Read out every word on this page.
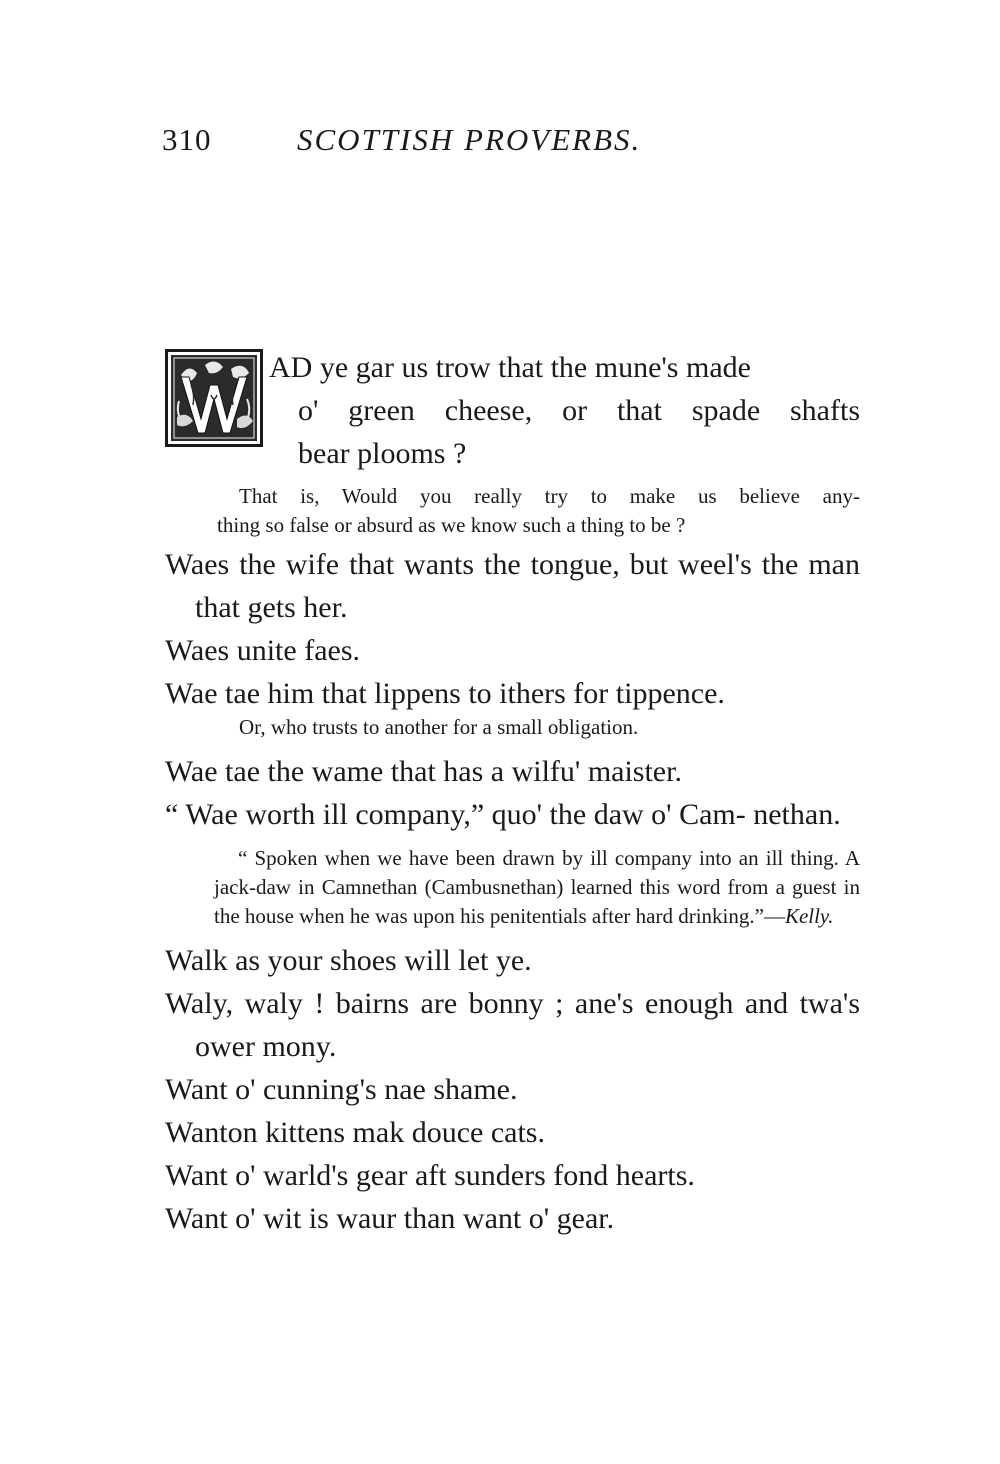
310	SCOTTISH PROVERBS.
AD ye gar us trow that the mune's made
o' green cheese, or that spade shafts
bear plooms ?
That is, Would you really try to make us believe any-
thing so false or absurd as we know such a thing to be ?

Waes the wife that wants the tongue, but weel's the man that gets her.

Waes unite faes.

Wae tae him that lippens to ithers for tippence.

Or, who trusts to another for a small obligation.

Wae tae the wame that has a wilfu' maister.

“ Wae worth ill company,” quo' the daw o' Cam- nethan.

“ Spoken when we have been drawn by ill company into an ill thing. A jack-daw in Camnethan (Cambusnethan) learned this word from a guest in the house when he was upon his penitentials after hard drinking.”—Kelly.

Walk as your shoes will let ye.

Waly, waly ! bairns are bonny ; ane's enough and twa's ower mony.

Want o' cunning's nae shame.

Wanton kittens mak douce cats.

Want o' warld's gear aft sunders fond hearts.

Want o' wit is waur than want o' gear.
